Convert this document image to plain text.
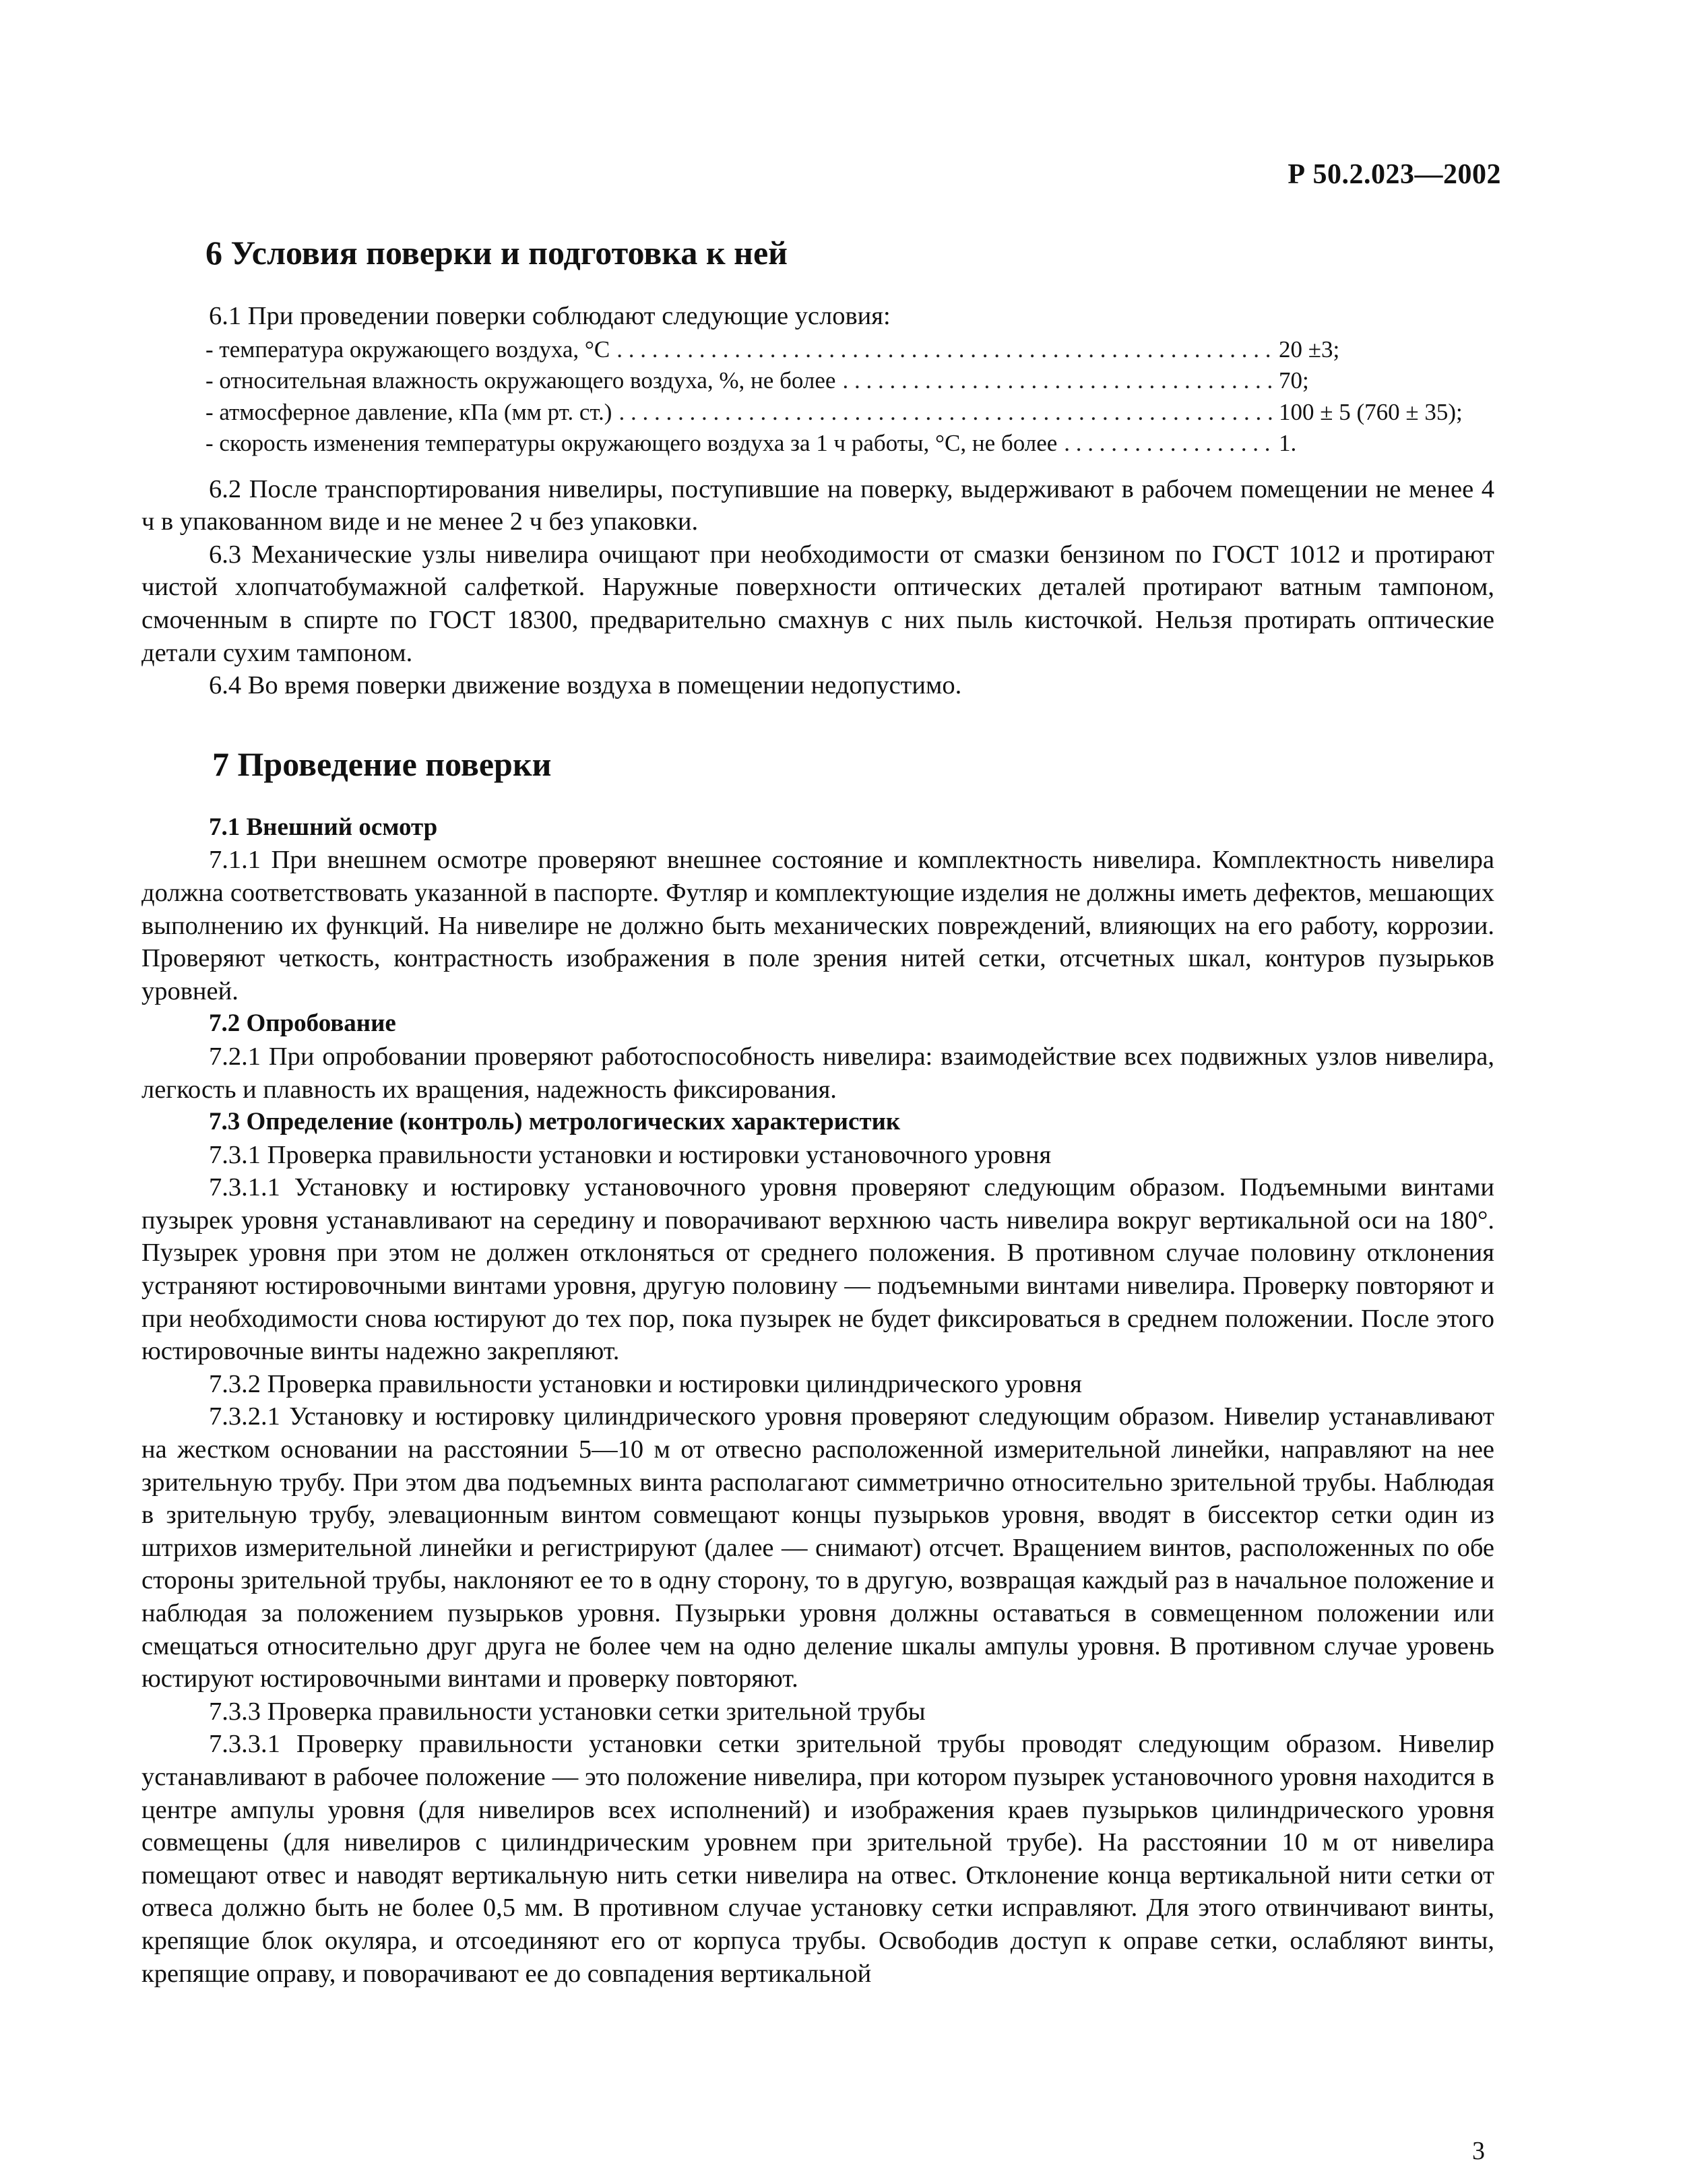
Р 50.2.023—2002
6 Условия поверки и подготовка к ней

6.1 При проведении поверки соблюдают следующие условия:

- температура окружающего воздуха, °С . . .	20 ±3;
- относительная влажность окружающего воздуха, %, не более . . .	70;
- атмосферное давление, кПа (мм рт. ст.) . . .	100 ± 5 (760 ± 35);
- скорость изменения температуры окружающего воздуха за 1 ч работы, °С, не более . . .	1.

6.2 После транспортирования нивелиры, поступившие на поверку, выдерживают в рабочем помещении не менее 4 ч в упакованном виде и не менее 2 ч без упаковки.

6.3 Механические узлы нивелира очищают при необходимости от смазки бензином по ГОСТ 1012 и протирают чистой хлопчатобумажной салфеткой. Наружные поверхности оптических деталей протирают ватным тампоном, смоченным в спирте по ГОСТ 18300, предварительно смахнув с них пыль кисточкой. Нельзя протирать оптические детали сухим тампоном.

6.4 Во время поверки движение воздуха в помещении недопустимо.

7 Проведение поверки
7.1 Внешний осмотр

7.1.1 При внешнем осмотре проверяют внешнее состояние и комплектность нивелира. Комплектность нивелира должна соответствовать указанной в паспорте. Футляр и комплектующие изделия не должны иметь дефектов, мешающих выполнению их функций. На нивелире не должно быть механических повреждений, влияющих на его работу, коррозии. Проверяют четкость, контрастность изображения в поле зрения нитей сетки, отсчетных шкал, контуров пузырьков уровней.

7.2 Опробование

7.2.1 При опробовании проверяют работоспособность нивелира: взаимодействие всех подвижных узлов нивелира, легкость и плавность их вращения, надежность фиксирования.

7.3 Определение (контроль) метрологических характеристик

7.3.1 Проверка правильности установки и юстировки установочного уровня

7.3.1.1 Установку и юстировку установочного уровня проверяют следующим образом. Подъемными винтами пузырек уровня устанавливают на середину и поворачивают верхнюю часть нивелира вокруг вертикальной оси на 180°. Пузырек уровня при этом не должен отклоняться от среднего положения. В противном случае половину отклонения устраняют юстировочными винтами уровня, другую половину — подъемными винтами нивелира. Проверку повторяют и при необходимости снова юстируют до тех пор, пока пузырек не будет фиксироваться в среднем положении. После этого юстировочные винты надежно закрепляют.

7.3.2 Проверка правильности установки и юстировки цилиндрического уровня

7.3.2.1 Установку и юстировку цилиндрического уровня проверяют следующим образом. Нивелир устанавливают на жестком основании на расстоянии 5—10 м от отвесно расположенной измерительной линейки, направляют на нее зрительную трубу. При этом два подъемных винта располагают симметрично относительно зрительной трубы. Наблюдая в зрительную трубу, элевационным винтом совмещают концы пузырьков уровня, вводят в биссектор сетки один из штрихов измерительной линейки и регистрируют (далее — снимают) отсчет. Вращением винтов, расположенных по обе стороны зрительной трубы, наклоняют ее то в одну сторону, то в другую, возвращая каждый раз в начальное положение и наблюдая за положением пузырьков уровня. Пузырьки уровня должны оставаться в совмещенном положении или смещаться относительно друг друга не более чем на одно деление шкалы ампулы уровня. В противном случае уровень юстируют юстировочными винтами и проверку повторяют.

7.3.3 Проверка правильности установки сетки зрительной трубы

7.3.3.1 Проверку правильности установки сетки зрительной трубы проводят следующим образом. Нивелир устанавливают в рабочее положение — это положение нивелира, при котором пузырек установочного уровня находится в центре ампулы уровня (для нивелиров всех исполнений) и изображения краев пузырьков цилиндрического уровня совмещены (для нивелиров с цилиндрическим уровнем при зрительной трубе). На расстоянии 10 м от нивелира помещают отвес и наводят вертикальную нить сетки нивелира на отвес. Отклонение конца вертикальной нити сетки от отвеса должно быть не более 0,5 мм. В противном случае установку сетки исправляют. Для этого отвинчивают винты, крепящие блок окуляра, и отсоединяют его от корпуса трубы. Освободив доступ к оправе сетки, ослабляют винты, крепящие оправу, и поворачивают ее до совпадения вертикальной

3
